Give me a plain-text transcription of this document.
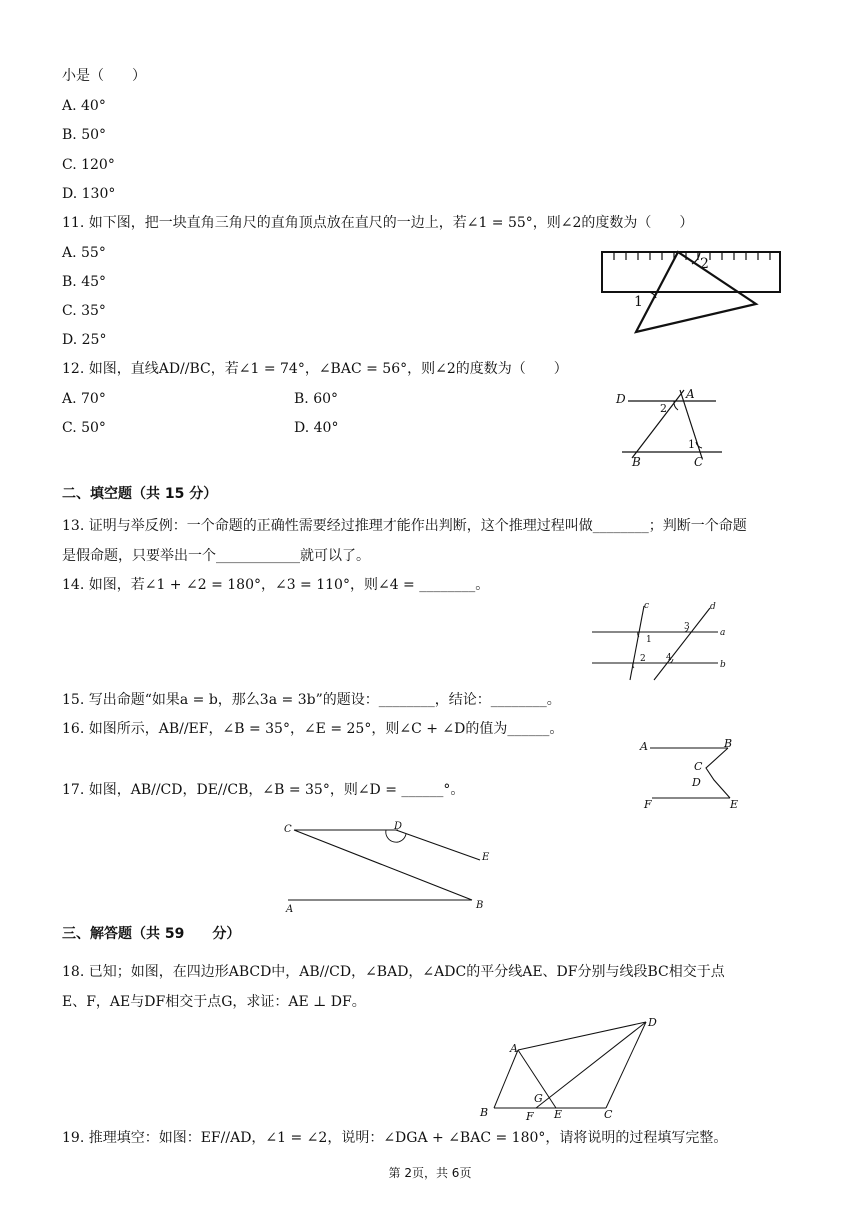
小是（　　）
A. 40°
B. 50°
C. 120°
D. 130°
11. 如下图，把一块直角三角尺的直角顶点放在直尺的一边上，若∠1 = 55°，则∠2的度数为（　　）
A. 55°
B. 45°
C. 35°
D. 25°
2
1
12. 如图，直线AD//BC，若∠1 = 74°，∠BAC = 56°，则∠2的度数为（　　）
A. 70°	B. 60°
C. 50°	D. 40°
D	A
2
1
B	C
二、填空题（共 15 分）
13. 证明与举反例：一个命题的正确性需要经过推理才能作出判断，这个推理过程叫做________；判断一个命题
是假命题，只要举出一个____________就可以了。
14. 如图，若∠1 + ∠2 = 180°，∠3 = 110°，则∠4 = ________。
c	d
3
a
1
2 4
b
15. 写出命题“如果a = b，那么3a = 3b”的题设：________，结论：________。
16. 如图所示，AB//EF，∠B = 35°，∠E = 25°，则∠C + ∠D的值为______。
A	B
C
D
F	E
17. 如图，AB//CD，DE//CB，∠B = 35°，则∠D = ______°。
C	D
E
A	B
三、解答题（共 59　　分）
18. 已知；如图，在四边形ABCD中，AB//CD，∠BAD，∠ADC的平分线AE、DF分别与线段BC相交于点
E、F，AE与DF相交于点G，求证：AE ⊥ DF。
D
A
G
B	F E	C
19. 推理填空：如图：EF//AD，∠1 = ∠2，说明：∠DGA + ∠BAC = 180°，请将说明的过程填写完整。
第 2页，共 6页
